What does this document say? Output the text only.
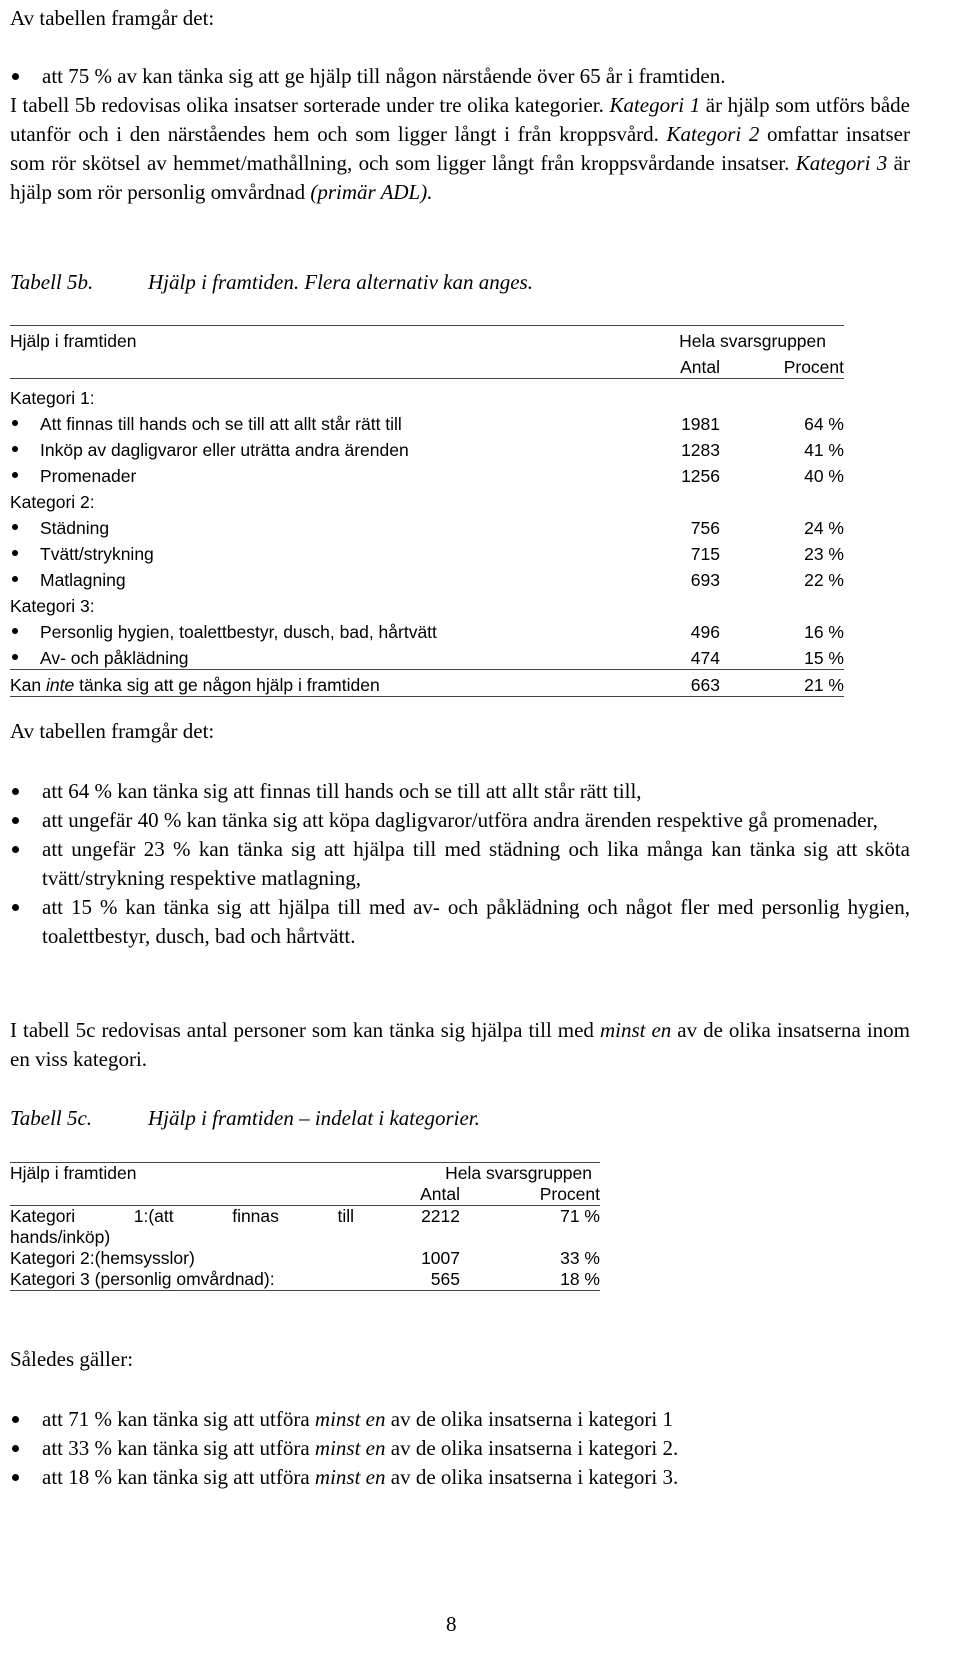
Av tabellen framgår det:

att 75 % av kan tänka sig att ge hjälp till någon närstående över 65 år i framtiden.

I tabell 5b redovisas olika insatser sorterade under tre olika kategorier. Kategori 1 är hjälp som utförs både utanför och i den närståendes hem och som ligger långt i från kroppsvård. Kategori 2 omfattar insatser som rör skötsel av hemmet/mathållning, och som ligger långt från kroppsvårdande insatser. Kategori 3 är hjälp som rör personlig omvårdnad (primär ADL).

Tabell 5b.	Hjälp i framtiden. Flera alternativ kan anges.

Hjälp i framtiden	Hela svarsgruppen	
	Antal	Procent
Kategori 1:		
Att finnas till hands och se till att allt står rätt till	1981	64 %
Inköp av dagligvaror eller uträtta andra ärenden	1283	41 %
Promenader	1256	40 %
Kategori 2:		
Städning	756	24 %
Tvätt/strykning	715	23 %
Matlagning	693	22 %
Kategori 3:		
Personlig hygien, toalettbestyr, dusch, bad, hårtvätt	496	16 %
Av- och påklädning	474	15 %
Kan inte tänka sig att ge någon hjälp i framtiden	663	21 %

Av tabellen framgår det:

att 64 % kan tänka sig att finnas till hands och se till att allt står rätt till,
att ungefär 40 % kan tänka sig att köpa dagligvaror/utföra andra ärenden respektive gå promenader,
att ungefär 23 % kan tänka sig att hjälpa till med städning och lika många kan tänka sig att sköta tvätt/strykning respektive matlagning,
att 15 % kan tänka sig att hjälpa till med av- och påklädning och något fler med personlig hygien, toalettbestyr, dusch, bad och hårtvätt.

I tabell 5c redovisas antal personer som kan tänka sig hjälpa till med minst en av de olika insatserna inom en viss kategori.

Tabell 5c.	Hjälp i framtiden – indelat i kategorier.

Hjälp i framtiden	Hela svarsgruppen	
	Antal	Procent

Kategori 1:(att finnas till
hands/inköp)	2212	71 %
Kategori 2:(hemsysslor)	1007	33 %
Kategori 3 (personlig omvårdnad):	565	18 %

Således gäller:

att 71 % kan tänka sig att utföra minst en av de olika insatserna i kategori 1
att 33 % kan tänka sig att utföra minst en av de olika insatserna i kategori 2.
att 18 % kan tänka sig att utföra minst en av de olika insatserna i kategori 3.

8
